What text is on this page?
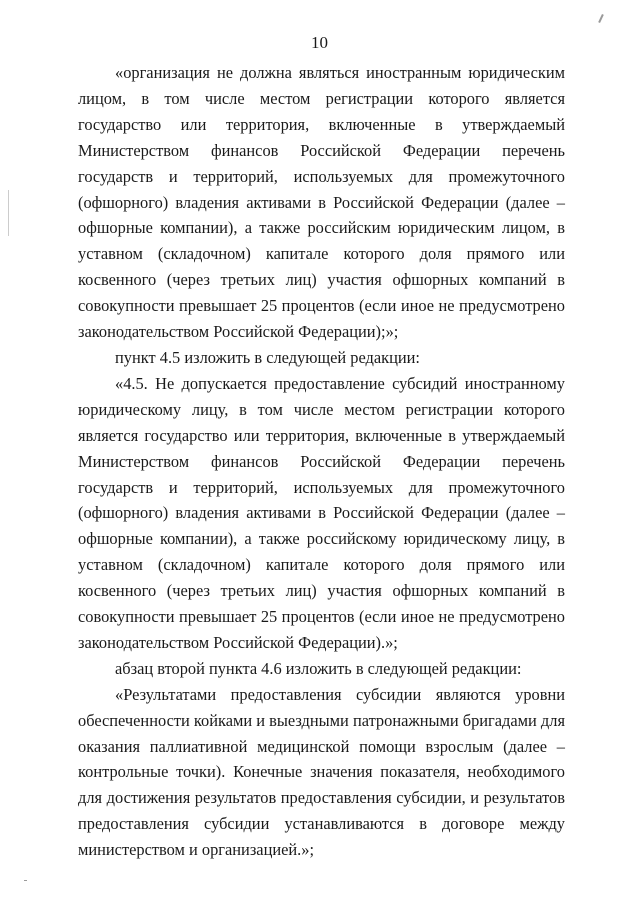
10

«организация не должна являться иностранным юридическим лицом, в том числе местом регистрации которого является государство или территория, включенные в утверждаемый Министерством финансов Российской Федерации перечень государств и территорий, используемых для промежуточного (офшорного) владения активами в Российской Федерации (далее – офшорные компании), а также российским юридическим лицом, в уставном (складочном) капитале которого доля прямого или косвенного (через третьих лиц) участия офшорных компаний в совокупности превышает 25 процентов (если иное не предусмотрено законодательством Российской Федерации);»;

пункт 4.5 изложить в следующей редакции:

«4.5. Не допускается предоставление субсидий иностранному юридическому лицу, в том числе местом регистрации которого является государство или территория, включенные в утверждаемый Министерством финансов Российской Федерации перечень государств и территорий, используемых для промежуточного (офшорного) владения активами в Российской Федерации (далее – офшорные компании), а также российскому юридическому лицу, в уставном (складочном) капитале которого доля прямого или косвенного (через третьих лиц) участия офшорных компаний в совокупности превышает 25 процентов (если иное не предусмотрено законодательством Российской Федерации).»;

абзац второй пункта 4.6 изложить в следующей редакции:

«Результатами предоставления субсидии являются уровни обеспеченности койками и выездными патронажными бригадами для оказания паллиативной медицинской помощи взрослым (далее – контрольные точки). Конечные значения показателя, необходимого для достижения результатов предоставления субсидии, и результатов предоставления субсидии устанавливаются в договоре между министерством и организацией.»;
